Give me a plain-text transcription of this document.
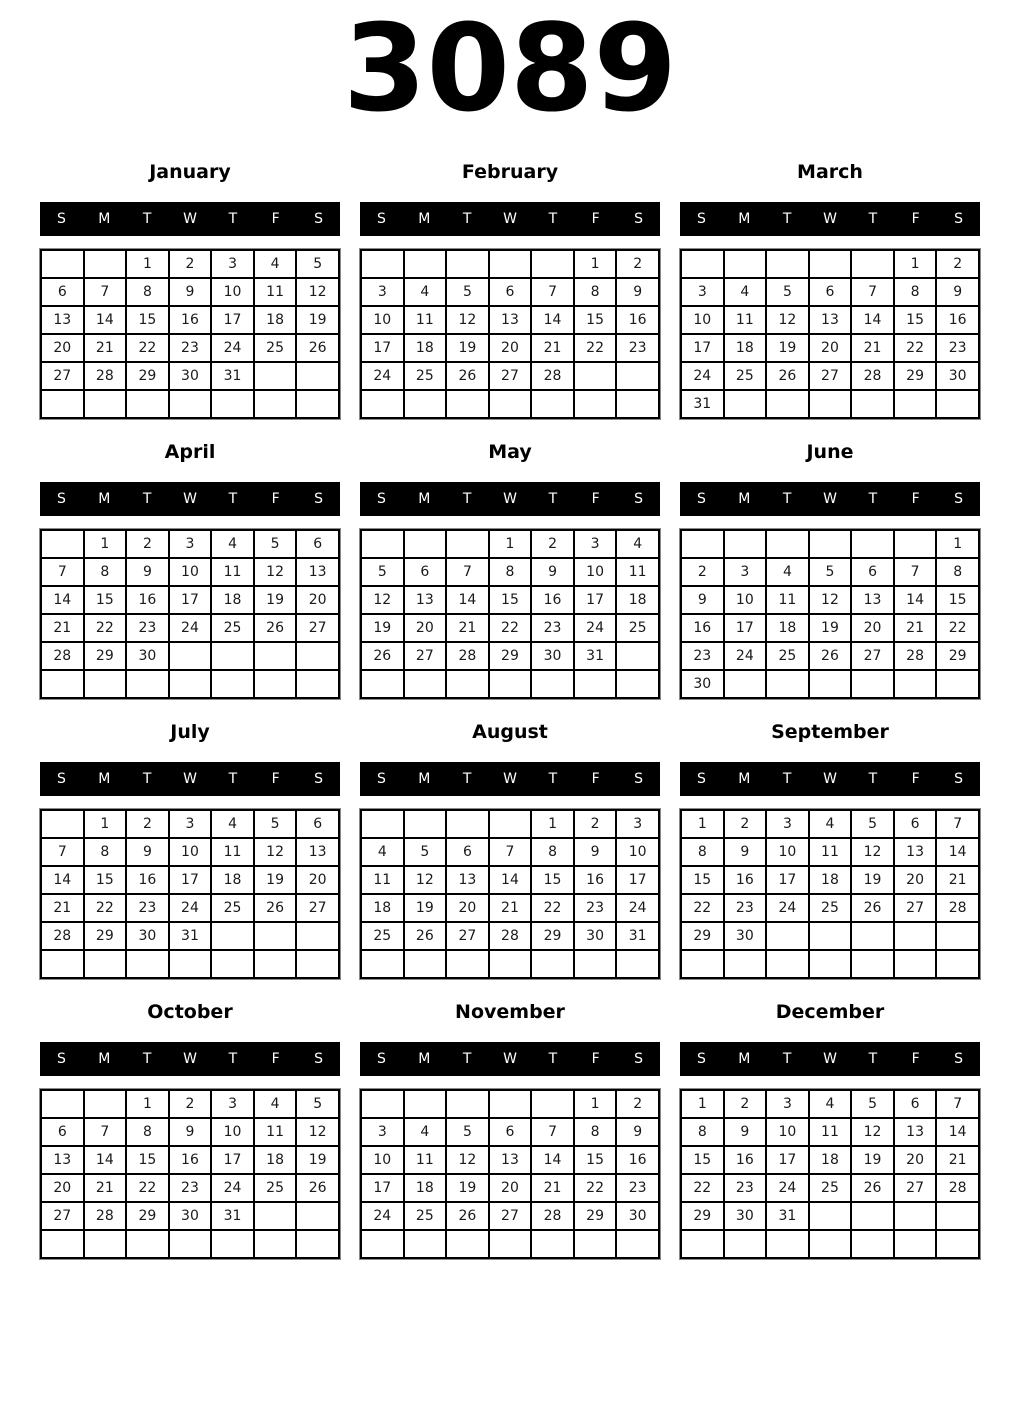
3089
January
S	M	T	W	T	F	S
		1	2	3	4	5
6	7	8	9	10	11	12
13	14	15	16	17	18	19
20	21	22	23	24	25	26
27	28	29	30	31		

February
S	M	T	W	T	F	S
					1	2
3	4	5	6	7	8	9
10	11	12	13	14	15	16
17	18	19	20	21	22	23
24	25	26	27	28		

March
S	M	T	W	T	F	S
					1	2
3	4	5	6	7	8	9
10	11	12	13	14	15	16
17	18	19	20	21	22	23
24	25	26	27	28	29	30
31						
April
S	M	T	W	T	F	S
	1	2	3	4	5	6
7	8	9	10	11	12	13
14	15	16	17	18	19	20
21	22	23	24	25	26	27
28	29	30				

May
S	M	T	W	T	F	S
			1	2	3	4
5	6	7	8	9	10	11
12	13	14	15	16	17	18
19	20	21	22	23	24	25
26	27	28	29	30	31	

June
S	M	T	W	T	F	S
						1
2	3	4	5	6	7	8
9	10	11	12	13	14	15
16	17	18	19	20	21	22
23	24	25	26	27	28	29
30						
July
S	M	T	W	T	F	S
	1	2	3	4	5	6
7	8	9	10	11	12	13
14	15	16	17	18	19	20
21	22	23	24	25	26	27
28	29	30	31			

August
S	M	T	W	T	F	S
				1	2	3
4	5	6	7	8	9	10
11	12	13	14	15	16	17
18	19	20	21	22	23	24
25	26	27	28	29	30	31

September
S	M	T	W	T	F	S
1	2	3	4	5	6	7
8	9	10	11	12	13	14
15	16	17	18	19	20	21
22	23	24	25	26	27	28
29	30					

October
S	M	T	W	T	F	S
		1	2	3	4	5
6	7	8	9	10	11	12
13	14	15	16	17	18	19
20	21	22	23	24	25	26
27	28	29	30	31		

November
S	M	T	W	T	F	S
					1	2
3	4	5	6	7	8	9
10	11	12	13	14	15	16
17	18	19	20	21	22	23
24	25	26	27	28	29	30

December
S	M	T	W	T	F	S
1	2	3	4	5	6	7
8	9	10	11	12	13	14
15	16	17	18	19	20	21
22	23	24	25	26	27	28
29	30	31				
